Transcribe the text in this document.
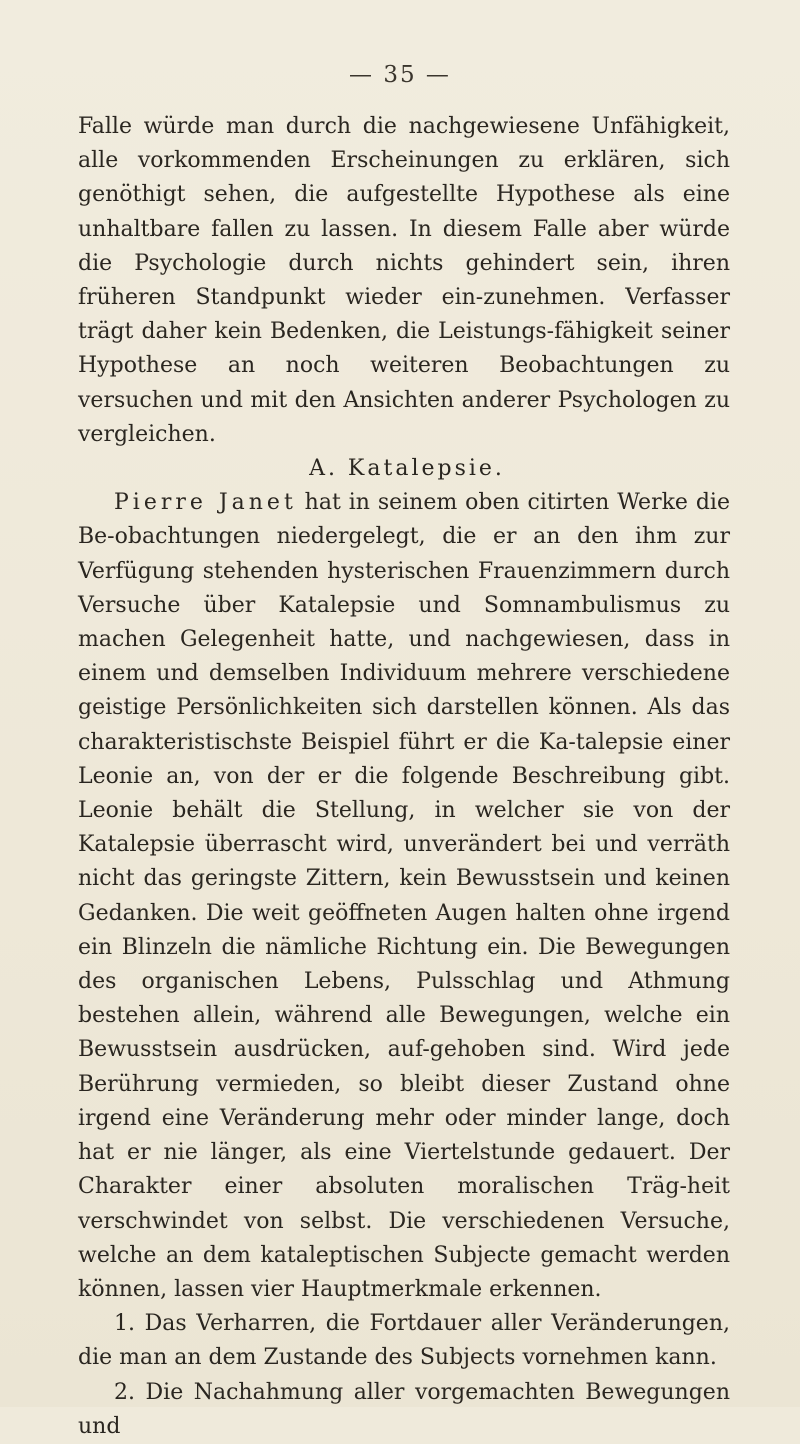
— 35 —

Falle würde man durch die nachgewiesene Unfähigkeit, alle vorkommenden Erscheinungen zu erklären, sich genöthigt sehen, die aufgestellte Hypothese als eine unhaltbare fallen zu lassen. In diesem Falle aber würde die Psychologie durch nichts gehindert sein, ihren früheren Standpunkt wieder ein-zunehmen. Verfasser trägt daher kein Bedenken, die Leistungs-fähigkeit seiner Hypothese an noch weiteren Beobachtungen zu versuchen und mit den Ansichten anderer Psychologen zu vergleichen.

A. Katalepsie.

Pierre Janet hat in seinem oben citirten Werke die Be-obachtungen niedergelegt, die er an den ihm zur Verfügung stehenden hysterischen Frauenzimmern durch Versuche über Katalepsie und Somnambulismus zu machen Gelegenheit hatte, und nachgewiesen, dass in einem und demselben Individuum mehrere verschiedene geistige Persönlichkeiten sich darstellen können. Als das charakteristischste Beispiel führt er die Ka-talepsie einer Leonie an, von der er die folgende Beschreibung gibt. Leonie behält die Stellung, in welcher sie von der Katalepsie überrascht wird, unverändert bei und verräth nicht das geringste Zittern, kein Bewusstsein und keinen Gedanken. Die weit geöffneten Augen halten ohne irgend ein Blinzeln die nämliche Richtung ein. Die Bewegungen des organischen Lebens, Pulsschlag und Athmung bestehen allein, während alle Bewegungen, welche ein Bewusstsein ausdrücken, auf-gehoben sind. Wird jede Berührung vermieden, so bleibt dieser Zustand ohne irgend eine Veränderung mehr oder minder lange, doch hat er nie länger, als eine Viertelstunde gedauert. Der Charakter einer absoluten moralischen Träg-heit verschwindet von selbst. Die verschiedenen Versuche, welche an dem kataleptischen Subjecte gemacht werden können, lassen vier Hauptmerkmale erkennen.

1. Das Verharren, die Fortdauer aller Veränderungen, die man an dem Zustande des Subjects vornehmen kann.

2. Die Nachahmung aller vorgemachten Bewegungen und
